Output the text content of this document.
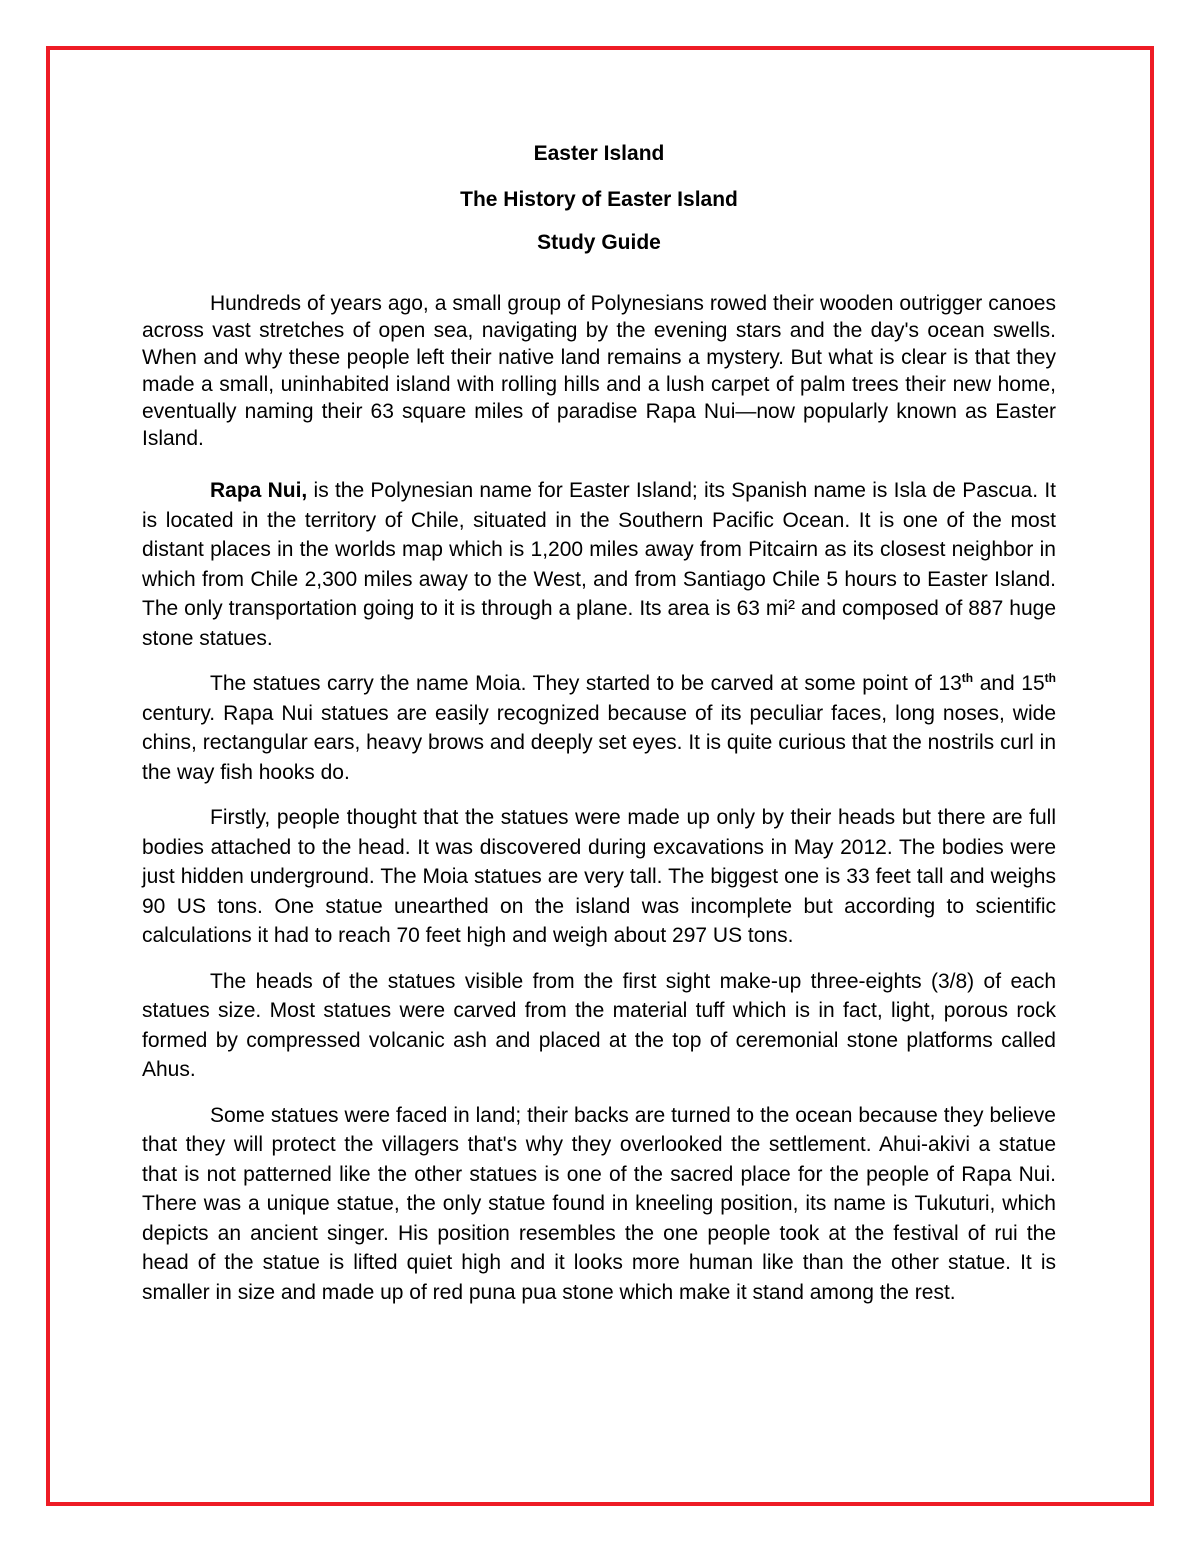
Easter Island
The History of Easter Island
Study Guide

Hundreds of years ago, a small group of Polynesians rowed their wooden outrigger canoes across vast stretches of open sea, navigating by the evening stars and the day's ocean swells. When and why these people left their native land remains a mystery. But what is clear is that they made a small, uninhabited island with rolling hills and a lush carpet of palm trees their new home, eventually naming their 63 square miles of paradise Rapa Nui—now popularly known as Easter Island.

Rapa Nui, is the Polynesian name for Easter Island; its Spanish name is Isla de Pascua. It is located in the territory of Chile, situated in the Southern Pacific Ocean. It is one of the most distant places in the worlds map which is 1,200 miles away from Pitcairn as its closest neighbor in which from Chile 2,300 miles away to the West, and from Santiago Chile 5 hours to Easter Island. The only transportation going to it is through a plane. Its area is 63 mi² and composed of 887 huge stone statues.

The statues carry the name Moia. They started to be carved at some point of 13th and 15th century. Rapa Nui statues are easily recognized because of its peculiar faces, long noses, wide chins, rectangular ears, heavy brows and deeply set eyes. It is quite curious that the nostrils curl in the way fish hooks do.

Firstly, people thought that the statues were made up only by their heads but there are full bodies attached to the head. It was discovered during excavations in May 2012. The bodies were just hidden underground. The Moia statues are very tall. The biggest one is 33 feet tall and weighs 90 US tons. One statue unearthed on the island was incomplete but according to scientific calculations it had to reach 70 feet high and weigh about 297 US tons.

The heads of the statues visible from the first sight make-up three-eights (3/8) of each statues size. Most statues were carved from the material tuff which is in fact, light, porous rock formed by compressed volcanic ash and placed at the top of ceremonial stone platforms called Ahus.

Some statues were faced in land; their backs are turned to the ocean because they believe that they will protect the villagers that's why they overlooked the settlement. Ahui-akivi a statue that is not patterned like the other statues is one of the sacred place for the people of Rapa Nui. There was a unique statue, the only statue found in kneeling position, its name is Tukuturi, which depicts an ancient singer. His position resembles the one people took at the festival of rui the head of the statue is lifted quiet high and it looks more human like than the other statue. It is smaller in size and made up of red puna pua stone which make it stand among the rest.
